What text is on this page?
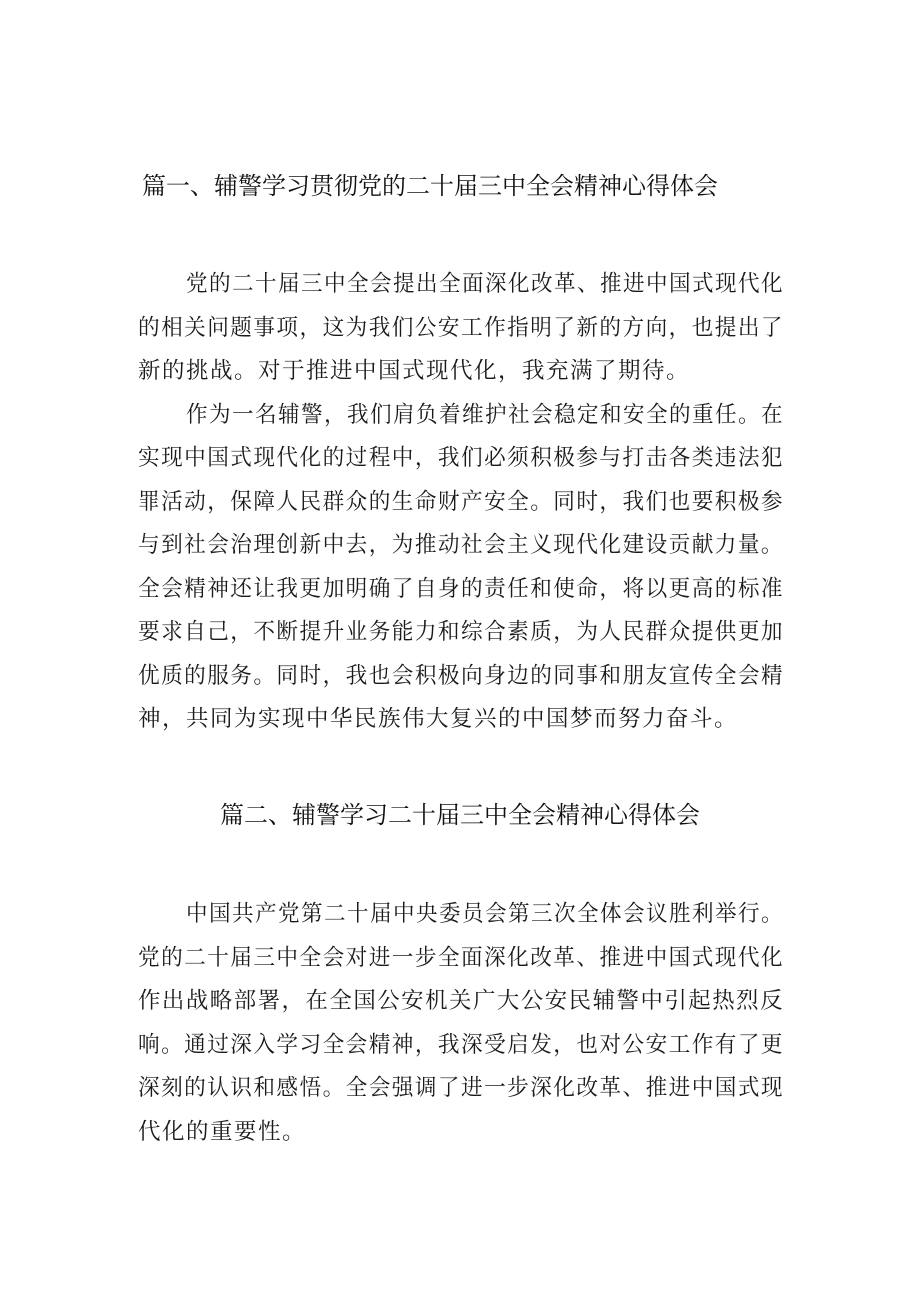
篇一、辅警学习贯彻党的二十届三中全会精神心得体会
党的二十届三中全会提出全面深化改革、推进中国式现代化
的相关问题事项，这为我们公安工作指明了新的方向，也提出了
新的挑战。对于推进中国式现代化，我充满了期待。
作为一名辅警，我们肩负着维护社会稳定和安全的重任。在
实现中国式现代化的过程中，我们必须积极参与打击各类违法犯
罪活动，保障人民群众的生命财产安全。同时，我们也要积极参
与到社会治理创新中去，为推动社会主义现代化建设贡献力量。
全会精神还让我更加明确了自身的责任和使命，将以更高的标准
要求自己，不断提升业务能力和综合素质，为人民群众提供更加
优质的服务。同时，我也会积极向身边的同事和朋友宣传全会精
神，共同为实现中华民族伟大复兴的中国梦而努力奋斗。
篇二、辅警学习二十届三中全会精神心得体会
中国共产党第二十届中央委员会第三次全体会议胜利举行。
党的二十届三中全会对进一步全面深化改革、推进中国式现代化
作出战略部署，在全国公安机关广大公安民辅警中引起热烈反
响。通过深入学习全会精神，我深受启发，也对公安工作有了更
深刻的认识和感悟。全会强调了进一步深化改革、推进中国式现
代化的重要性。
